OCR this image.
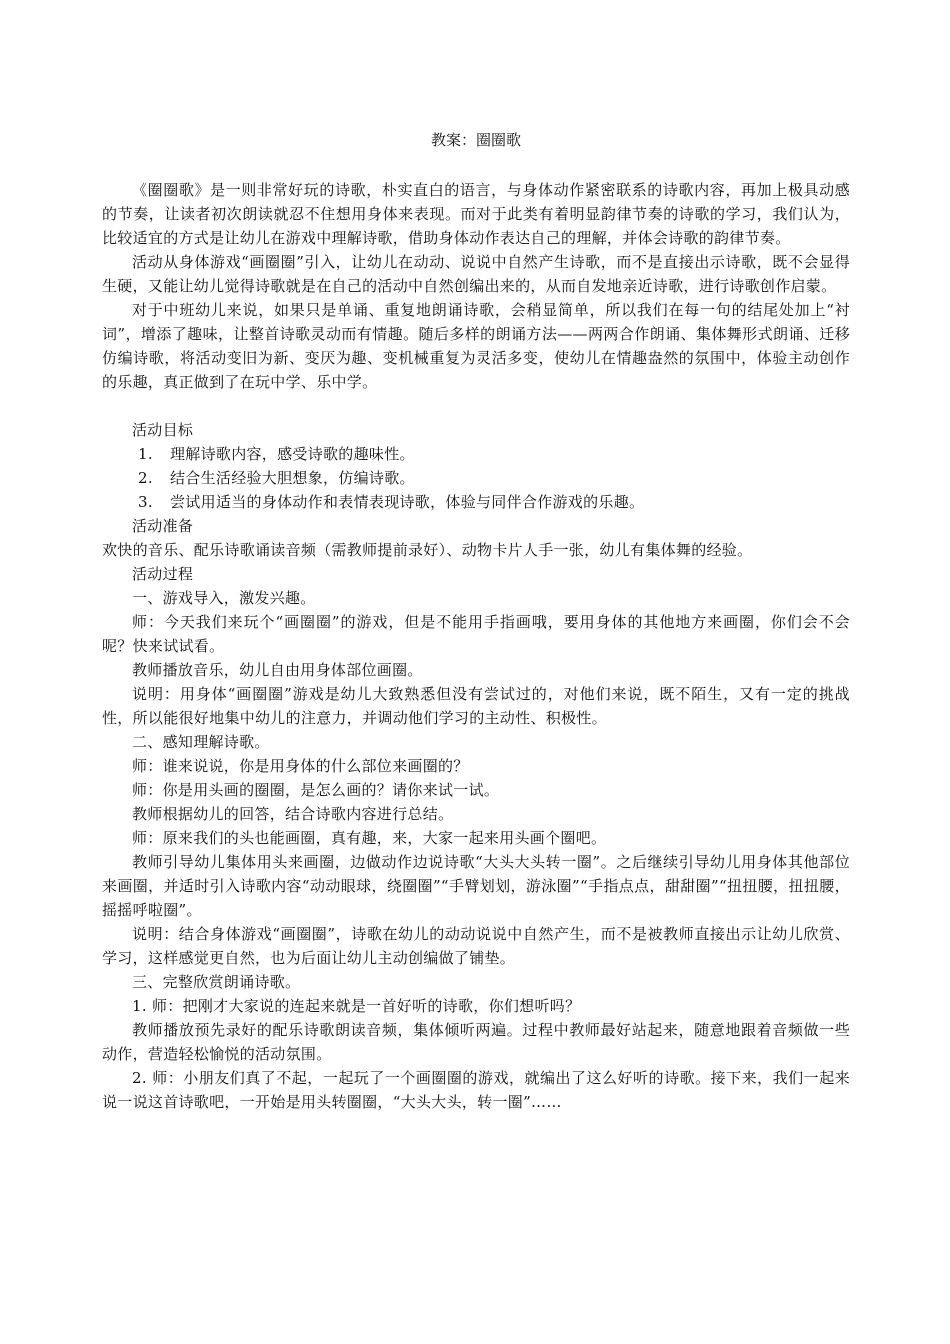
教案：圈圈歌

《圈圈歌》是一则非常好玩的诗歌，朴实直白的语言，与身体动作紧密联系的诗歌内容，再加上极具动感的节奏，让读者初次朗读就忍不住想用身体来表现。而对于此类有着明显韵律节奏的诗歌的学习，我们认为，比较适宜的方式是让幼儿在游戏中理解诗歌，借助身体动作表达自己的理解，并体会诗歌的韵律节奏。

活动从身体游戏“画圈圈”引入，让幼儿在动动、说说中自然产生诗歌，而不是直接出示诗歌，既不会显得生硬，又能让幼儿觉得诗歌就是在自己的活动中自然创编出来的，从而自发地亲近诗歌，进行诗歌创作启蒙。

对于中班幼儿来说，如果只是单诵、重复地朗诵诗歌，会稍显简单，所以我们在每一句的结尾处加上“衬词”，增添了趣味，让整首诗歌灵动而有情趣。随后多样的朗诵方法——两两合作朗诵、集体舞形式朗诵、迁移仿编诗歌，将活动变旧为新、变厌为趣、变机械重复为灵活多变，使幼儿在情趣盎然的氛围中，体验主动创作的乐趣，真正做到了在玩中学、乐中学。

活动目标

1.	理解诗歌内容，感受诗歌的趣味性。
2.	结合生活经验大胆想象，仿编诗歌。
3.	尝试用适当的身体动作和表情表现诗歌，体验与同伴合作游戏的乐趣。

活动准备

欢快的音乐、配乐诗歌诵读音频（需教师提前录好）、动物卡片人手一张，幼儿有集体舞的经验。

活动过程

一、游戏导入，激发兴趣。

师：今天我们来玩个“画圈圈”的游戏，但是不能用手指画哦，要用身体的其他地方来画圈，你们会不会呢？快来试试看。

教师播放音乐，幼儿自由用身体部位画圈。

说明：用身体“画圈圈”游戏是幼儿大致熟悉但没有尝试过的，对他们来说，既不陌生，又有一定的挑战性，所以能很好地集中幼儿的注意力，并调动他们学习的主动性、积极性。

二、感知理解诗歌。

师：谁来说说，你是用身体的什么部位来画圈的？

师：你是用头画的圈圈，是怎么画的？请你来试一试。

教师根据幼儿的回答，结合诗歌内容进行总结。

师：原来我们的头也能画圈，真有趣，来，大家一起来用头画个圈吧。

教师引导幼儿集体用头来画圈，边做动作边说诗歌“大头大头转一圈”。之后继续引导幼儿用身体其他部位来画圈，并适时引入诗歌内容“动动眼球，绕圈圈”“手臂划划，游泳圈”“手指点点，甜甜圈”“扭扭腰，扭扭腰，摇摇呼啦圈”。

说明：结合身体游戏“画圈圈”，诗歌在幼儿的动动说说中自然产生，而不是被教师直接出示让幼儿欣赏、学习，这样感觉更自然，也为后面让幼儿主动创编做了铺垫。

三、完整欣赏朗诵诗歌。

1. 师：把刚才大家说的连起来就是一首好听的诗歌，你们想听吗？

教师播放预先录好的配乐诗歌朗读音频，集体倾听两遍。过程中教师最好站起来，随意地跟着音频做一些动作，营造轻松愉悦的活动氛围。

2. 师：小朋友们真了不起，一起玩了一个画圈圈的游戏，就编出了这么好听的诗歌。接下来，我们一起来说一说这首诗歌吧，一开始是用头转圈圈，“大头大头，转一圈”……
